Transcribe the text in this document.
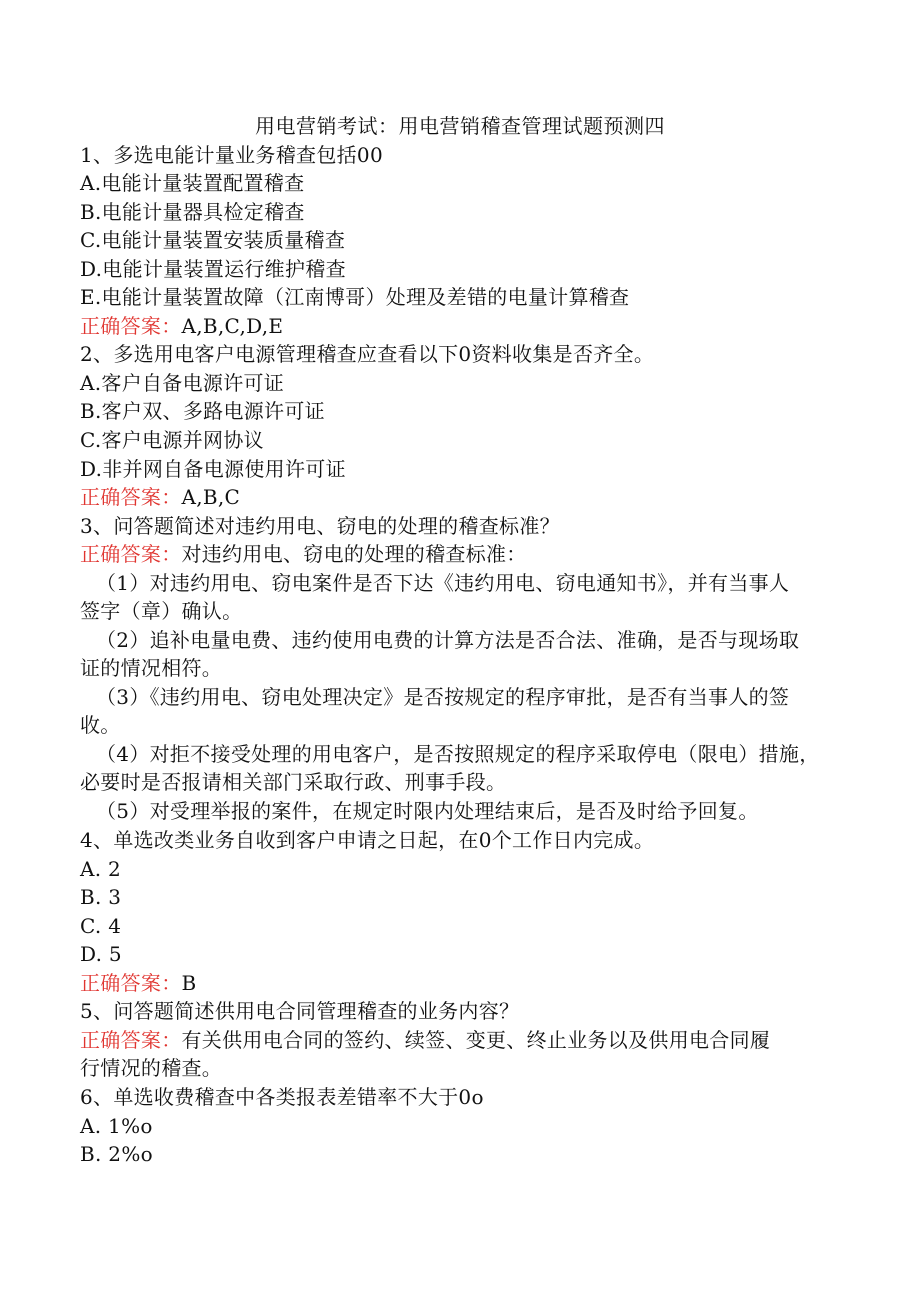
用电营销考试：用电营销稽查管理试题预测四
1、多选电能计量业务稽查包括00
A.电能计量装置配置稽查
B.电能计量器具检定稽查
C.电能计量装置安装质量稽查
D.电能计量装置运行维护稽查
E.电能计量装置故障（江南博哥）处理及差错的电量计算稽查
正确答案：A,B,C,D,E
2、多选用电客户电源管理稽查应查看以下0资料收集是否齐全。
A.客户自备电源许可证
B.客户双、多路电源许可证
C.客户电源并网协议
D.非并网自备电源使用许可证
正确答案：A,B,C
3、问答题简述对违约用电、窃电的处理的稽查标准？
正确答案：对违约用电、窃电的处理的稽查标准：
（1）对违约用电、窃电案件是否下达《违约用电、窃电通知书》，并有当事人
签字（章）确认。
（2）追补电量电费、违约使用电费的计算方法是否合法、准确，是否与现场取
证的情况相符。
（3）《违约用电、窃电处理决定》是否按规定的程序审批，是否有当事人的签
收。
（4）对拒不接受处理的用电客户，是否按照规定的程序采取停电（限电）措施，
必要时是否报请相关部门采取行政、刑事手段。
（5）对受理举报的案件，在规定时限内处理结束后，是否及时给予回复。
4、单选改类业务自收到客户申请之日起，在0个工作日内完成。
A. 2
B. 3
C. 4
D. 5
正确答案：B
5、问答题简述供用电合同管理稽查的业务内容？
正确答案：有关供用电合同的签约、续签、变更、终止业务以及供用电合同履
行情况的稽查。
6、单选收费稽查中各类报表差错率不大于0o
A. 1%o
B. 2%o
